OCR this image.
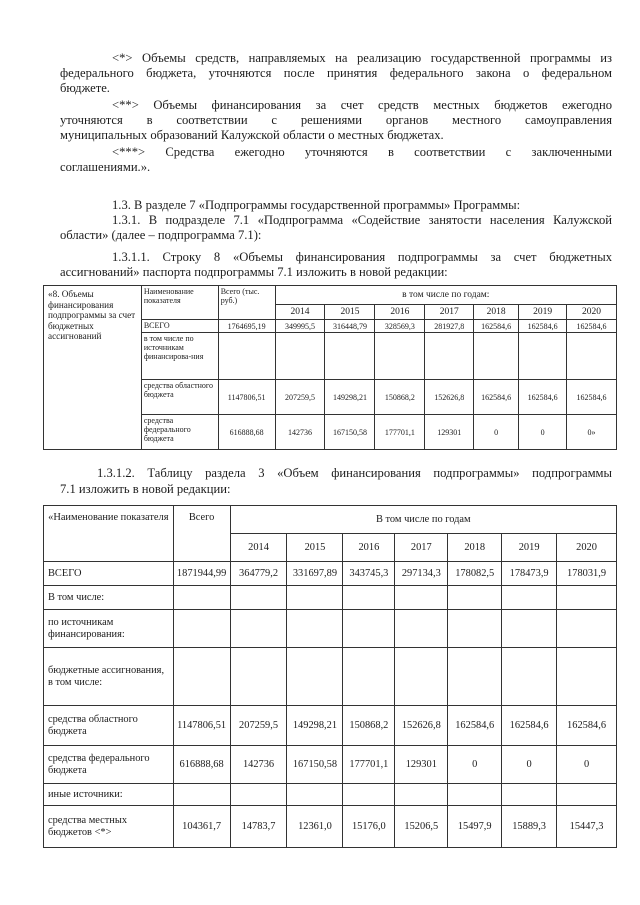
<*> Объемы средств, направляемых на реализацию государственной программы из

федерального бюджета, уточняются после принятия федерального закона о федеральном

бюджете.

<**> Объемы финансирования за счет средств местных бюджетов ежегодно

уточняются в соответствии с решениями органов местного самоуправления

муниципальных образований Калужской области о местных бюджетах.

<***> Средства ежегодно уточняются в соответствии с заключенными

соглашениями.».

1.3. В разделе 7 «Подпрограммы государственной программы» Программы:

1.3.1. В подразделе 7.1 «Подпрограмма «Содействие занятости населения Калужской

области» (далее – подпрограмма 7.1):

1.3.1.1. Строку 8 «Объемы финансирования подпрограммы за счет бюджетных

ассигнований» паспорта подпрограммы 7.1 изложить в новой редакции:

«8. Объемы финансирования подпрограммы за счет бюджетных ассигнований	Наименование показателя	Всего (тыс. руб.)	в том числе по годам:						
			2014	2015	2016	2017	2018	2019	2020
	ВСЕГО	1764695,19	349995,5	316448,79	328569,3	281927,8	162584,6	162584,6	162584,6
	в том числе по источникам финансирова-ния								
	средства областного бюджета	1147806,51	207259,5	149298,21	150868,2	152626,8	162584,6	162584,6	162584,6
	средства федерального бюджета	616888,68	142736	167150,58	177701,1	129301	0	0	0»

1.3.1.2. Таблицу раздела 3 «Объем финансирования подпрограммы» подпрограммы

7.1 изложить в новой редакции:

«Наименование показателя	Всего	В том числе по годам						
		2014	2015	2016	2017	2018	2019	2020
ВСЕГО	1871944,99	364779,2	331697,89	343745,3	297134,3	178082,5	178473,9	178031,9
В том числе:								
по источникам финансирования:								
бюджетные ассигнования, в том числе:								
средства областного бюджета	1147806,51	207259,5	149298,21	150868,2	152626,8	162584,6	162584,6	162584,6
средства федерального бюджета	616888,68	142736	167150,58	177701,1	129301	0	0	0
иные источники:								
средства местных бюджетов <*>	104361,7	14783,7	12361,0	15176,0	15206,5	15497,9	15889,3	15447,3
